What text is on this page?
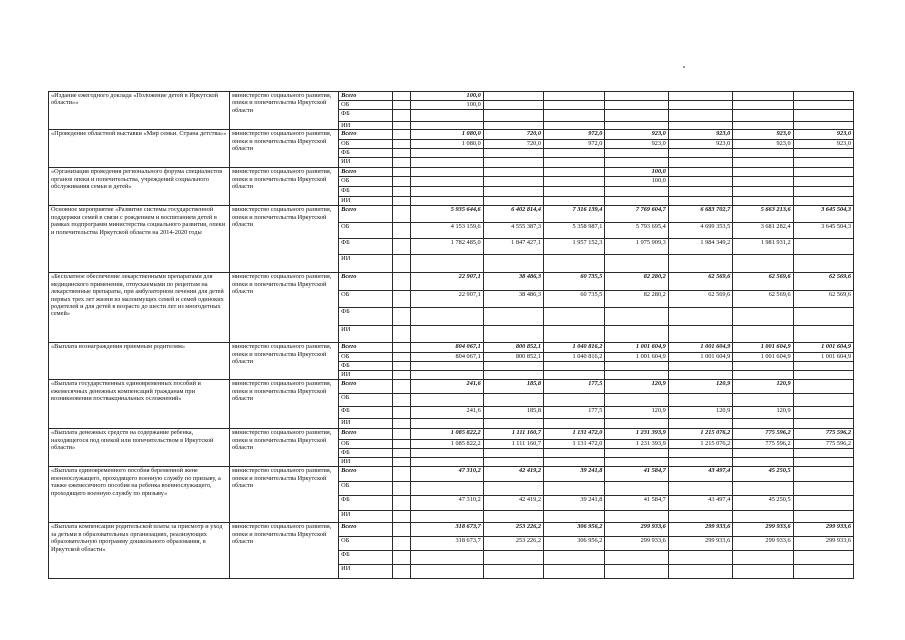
«Издание ежегодного доклада «Положение детей в Иркутской области»»	министерство социального развития, опеки и попечительства Иркутской области	Всего		100,0						
		ОБ		100,0						
		ФБ								
		ИИ								
«Проведение областной выставки «Мир семьи. Страна детства»»	министерство социального развития, опеки и попечительства Иркутской области	Всего		1 080,0	720,0	972,0	923,0	923,0	923,0	923,0
		ОБ		1 080,0	720,0	972,0	923,0	923,0	923,0	923,0
		ФБ								
		ИИ								
«Организация проведения регионального форума специалистов органов опеки и попечительства, учреждений социального обслуживания семьи и детей»	министерство социального развития, опеки и попечительства Иркутской области	Всего					100,0			
		ОБ					100,0			
		ФБ								
		ИИ								
Основное мероприятие «Развитие системы государственной поддержки семей в связи с рождением и воспитанием детей в рамках подпрограмм министерства социального развития, опеки и попечительства Иркутской области на 2014-2020 годы	министерство социального развития, опеки и попечительства Иркутской области	Всего		5 935 644,6	6 402 814,4	7 316 139,4	7 769 604,7	6 683 702,7	5 663 213,6	3 645 504,3
		ОБ		4 153 159,6	4 555 387,3	5 358 987,1	5 793 695,4	4 699 353,5	3 681 282,4	3 645 504,3
		ФБ		1 782 485,0	1 847 427,1	1 957 152,3	1 975 909,3	1 984 349,2	1 981 931,2	
		ИИ								
«Бесплатное обеспечение лекарственными препаратами для медицинского применения, отпускаемыми по рецептам на лекарственные препараты, при амбулаторном лечении для детей первых трех лет жизни из малоимущих семей и семей одиноких родителей и для детей в возрасте до шести лет из многодетных семей»	министерство социального развития, опеки и попечительства Иркутской области	Всего		22 907,1	38 486,3	60 735,5	82 280,2	62 569,6	62 569,6	62 569,6
		ОБ		22 907,1	38 486,3	60 735,5	82 280,2	62 569,6	62 569,6	62 569,6
		ФБ								
		ИИ								
«Выплата вознаграждения приемным родителям»	министерство социального развития, опеки и попечительства Иркутской области	Всего		804 067,1	800 852,1	1 040 816,2	1 001 604,9	1 001 604,9	1 001 604,9	1 001 604,9
		ОБ		804 067,1	800 852,1	1 040 816,2	1 001 604,9	1 001 604,9	1 001 604,9	1 001 604,9
		ФБ								
		ИИ								
«Выплата государственных единовременных пособий и ежемесячных денежных компенсаций гражданам при возникновении поствакцинальных осложнений»	министерство социального развития, опеки и попечительства Иркутской области	Всего		241,6	185,8	177,5	120,9	120,9	120,9	
		ОБ								
		ФБ		241,6	185,8	177,5	120,9	120,9	120,9	
		ИИ								
«Выплата денежных средств на содержание ребенка, находящегося под опекой или попечительством в Иркутской области»	министерство социального развития, опеки и попечительства Иркутской области	Всего		1 085 822,2	1 111 160,7	1 131 472,0	1 231 393,9	1 215 076,2	775 596,2	775 596,2
		ОБ		1 085 822,2	1 111 160,7	1 131 472,0	1 231 393,9	1 215 076,2	775 596,2	775 596,2
		ФБ								
		ИИ								
«Выплата единовременного пособия беременной жене военнослужащего, проходящего военную службу по призыву, а также ежемесячного пособия на ребенка военнослужащего, проходящего военную службу по призыву»	министерство социального развития, опеки и попечительства Иркутской области	Всего		47 310,2	42 419,2	39 241,8	41 584,7	43 497,4	45 250,5	
		ОБ								
		ФБ		47 310,2	42 419,2	39 241,8	41 584,7	43 497,4	45 250,5	
		ИИ								
«Выплата компенсации родительской платы за присмотр и уход за детьми в образовательных организациях, реализующих образовательную программу дошкольного образования, в Иркутской области»	министерство социального развития, опеки и попечительства Иркутской области	Всего		318 673,7	253 226,2	306 956,2	299 933,6	299 933,6	299 933,6	299 933,6
		ОБ		318 673,7	253 226,2	306 956,2	299 933,6	299 933,6	299 933,6	299 933,6
		ФБ								
		ИИ								
